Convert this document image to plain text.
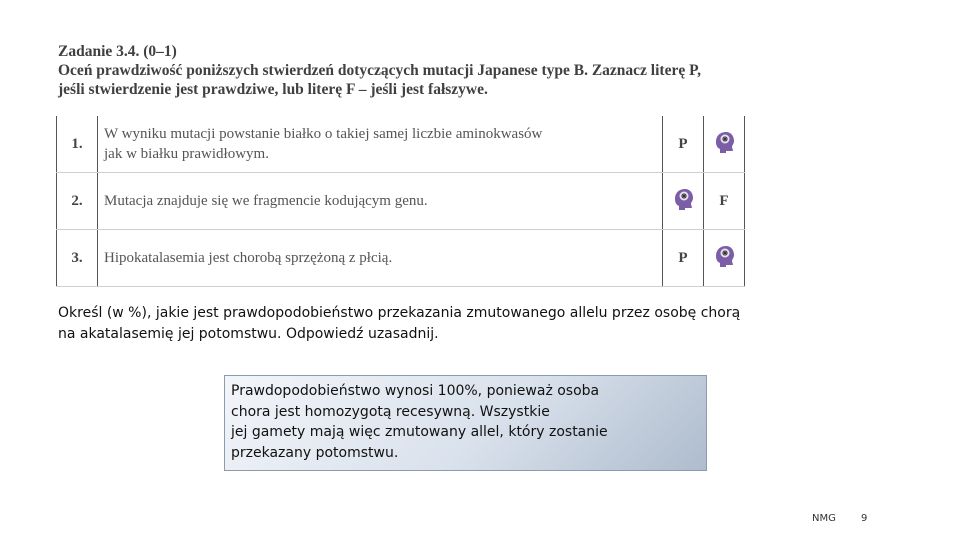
Zadanie 3.4. (0–1)
Oceń prawdziwość poniższych stwierdzeń dotyczących mutacji Japanese type B. Zaznacz literę P,
jeśli stwierdzenie jest prawdziwe, lub literę F – jeśli jest fałszywe.
1.	W wyniku mutacji powstanie białko o takiej samej liczbie aminokwasów
jak w białku prawidłowym.	P	
2.	Mutacja znajduje się we fragmencie kodującym genu.		F
3.	Hipokatalasemia jest chorobą sprzężoną z płcią.	P	
Określ (w %), jakie jest prawdopodobieństwo przekazania zmutowanego allelu przez osobę chorą
na akatalasemię jej potomstwu. Odpowiedź uzasadnij.
Prawdopodobieństwo wynosi 100%, ponieważ osoba
chora jest homozygotą recesywną. Wszystkie
jej gamety mają więc zmutowany allel, który zostanie
przekazany potomstwu.
NMG	9
